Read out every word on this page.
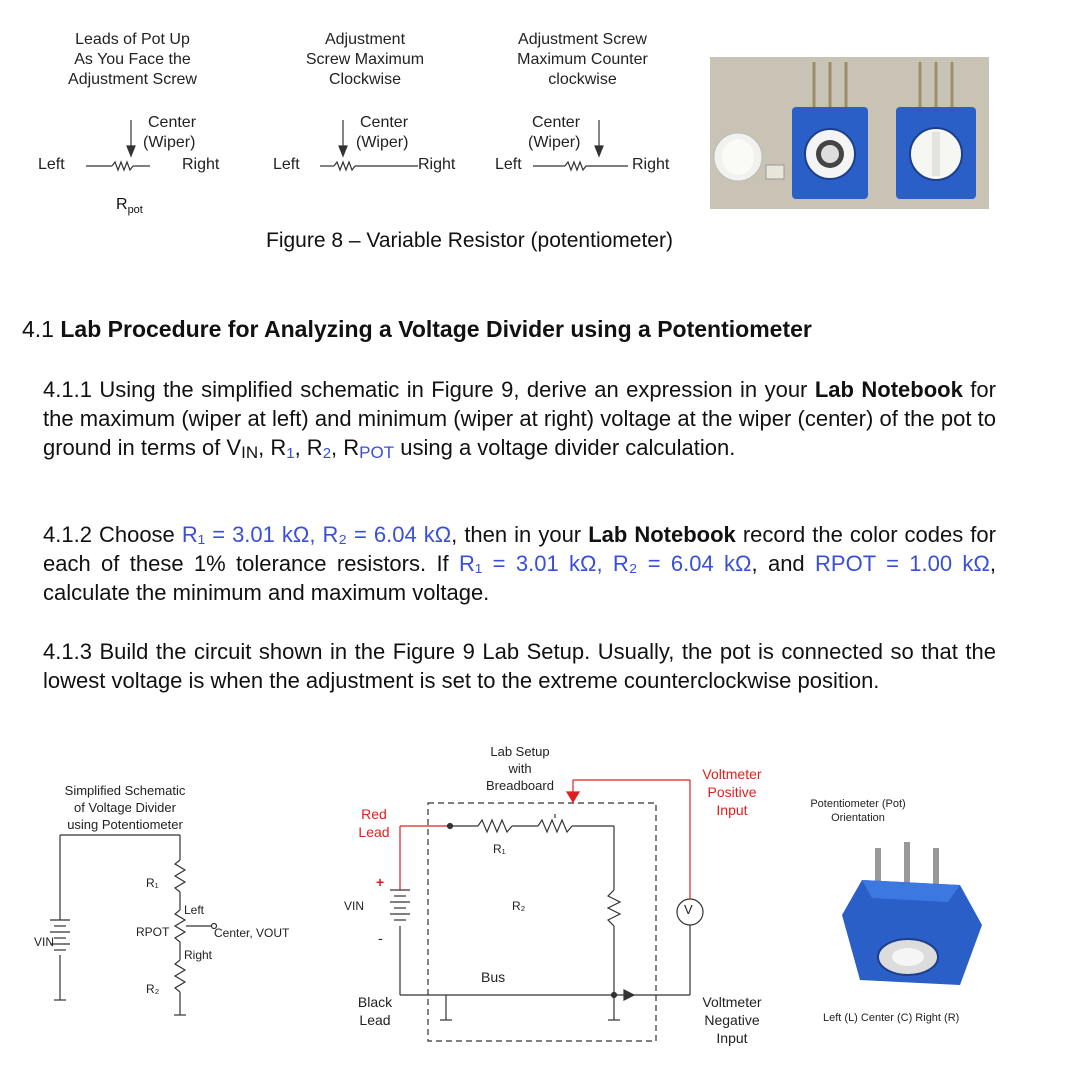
Leads of Pot Up
As You Face the
Adjustment Screw
Adjustment
Screw Maximum
Clockwise
Adjustment Screw
Maximum Counter
clockwise
Center
(Wiper)
Left	Right
$R_{pot}$
Center
(Wiper)
Left	Right
Center
(Wiper)
Left	Right
Figure 8 – Variable Resistor (potentiometer)
4.1 Lab Procedure for Analyzing a Voltage Divider using a Potentiometer
4.1.1 Using the simplified schematic in Figure 9, derive an expression in your Lab Notebook for the maximum (wiper at left) and minimum (wiper at right) voltage at the wiper (center) of the pot to ground in terms of $V_{IN}$, $R_1$, $R_2$, $R_{POT}$ using a voltage divider calculation.
4.1.2 Choose R₁ = 3.01 kΩ, R₂ = 6.04 kΩ, then in your Lab Notebook record the color codes for each of these 1% tolerance resistors. If R₁ = 3.01 kΩ, R₂ = 6.04 kΩ, and RPOT = 1.00 kΩ, calculate the minimum and maximum voltage.
4.1.3 Build the circuit shown in the Figure 9 Lab Setup. Usually, the pot is connected so that the lowest voltage is when the adjustment is set to the extreme counterclockwise position.
Simplified Schematic
of Voltage Divider
using Potentiometer
R₁
RPOT
R₂
VIN
Left
Right
Center, VOUT
Lab Setup
with
Breadboard
Red
Lead
Black
Lead
VIN
+
-
R₁
R₂
Bus
Voltmeter
Positive
Input
Voltmeter
Negative
Input
V
Potentiometer (Pot)
Orientation
Left (L) Center (C) Right (R)
